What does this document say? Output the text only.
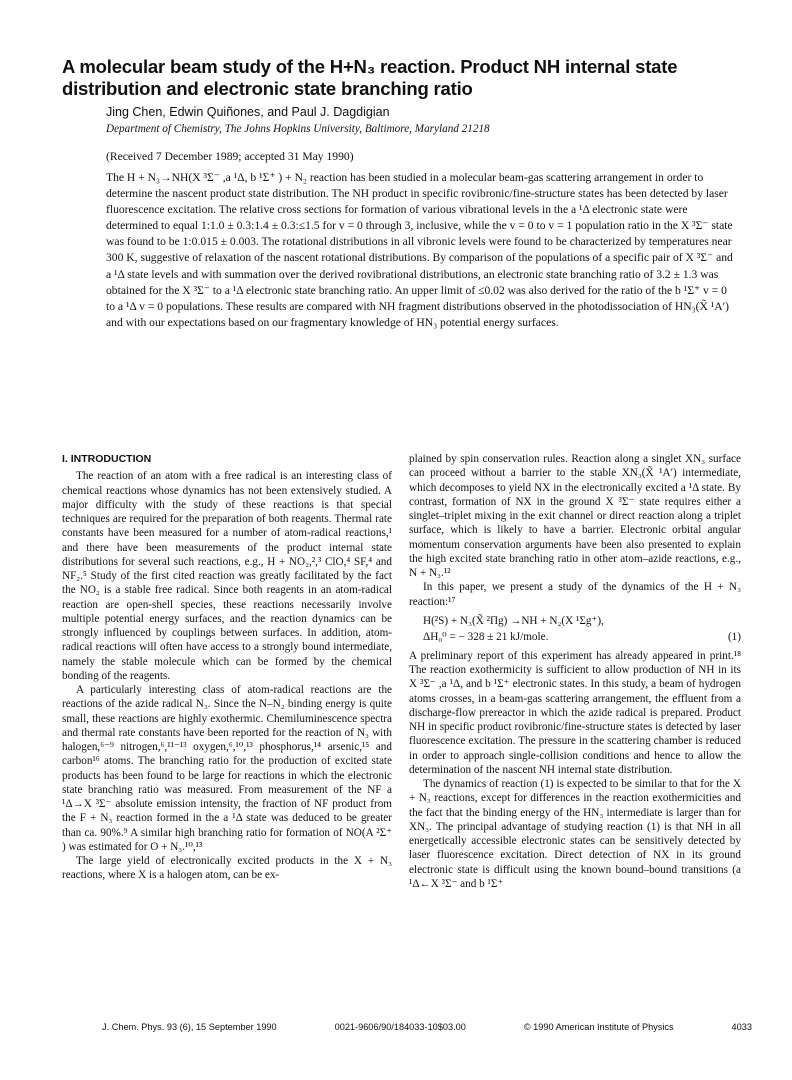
A molecular beam study of the H+N₃ reaction. Product NH internal state distribution and electronic state branching ratio
Jing Chen, Edwin Quiñones, and Paul J. Dagdigian
Department of Chemistry, The Johns Hopkins University, Baltimore, Maryland 21218
(Received 7 December 1989; accepted 31 May 1990)

The H + N₃→NH(X ³Σ⁻ ,a ¹Δ, b ¹Σ⁺ ) + N₂ reaction has been studied in a molecular beam-gas scattering arrangement in order to determine the nascent product state distribution. The NH product in specific rovibronic/fine-structure states has been detected by laser fluorescence excitation. The relative cross sections for formation of various vibrational levels in the a ¹Δ electronic state were determined to equal 1:1.0 ± 0.3:1.4 ± 0.3:≤1.5 for v = 0 through 3, inclusive, while the v = 0 to v = 1 population ratio in the X ³Σ⁻ state was found to be 1:0.015 ± 0.003. The rotational distributions in all vibronic levels were found to be characterized by temperatures near 300 K, suggestive of relaxation of the nascent rotational distributions. By comparison of the populations of a specific pair of X ³Σ⁻ and a ¹Δ state levels and with summation over the derived rovibrational distributions, an electronic state branching ratio of 3.2 ± 1.3 was obtained for the X ³Σ⁻ to a ¹Δ electronic state branching ratio. An upper limit of ≤0.02 was also derived for the ratio of the b ¹Σ⁺ v = 0 to a ¹Δ v = 0 populations. These results are compared with NH fragment distributions observed in the photodissociation of HN₃(X̃ ¹A′) and with our expectations based on our fragmentary knowledge of HN₃ potential energy surfaces.

I. INTRODUCTION

The reaction of an atom with a free radical is an interesting class of chemical reactions whose dynamics has not been extensively studied. A major difficulty with the study of these reactions is that special techniques are required for the preparation of both reagents. Thermal rate constants have been measured for a number of atom-radical reactions,¹ and there have been measurements of the product internal state distributions for several such reactions, e.g., H + NO₂,²,³ ClO,⁴ SF,⁴ and NF₂.⁵ Study of the first cited reaction was greatly facilitated by the fact the NO₂ is a stable free radical. Since both reagents in an atom-radical reaction are open-shell species, these reactions necessarily involve multiple potential energy surfaces, and the reaction dynamics can be strongly influenced by couplings between surfaces. In addition, atom-radical reactions will often have access to a strongly bound intermediate, namely the stable molecule which can be formed by the chemical bonding of the reagents.

A particularly interesting class of atom-radical reactions are the reactions of the azide radical N₃. Since the N–N₂ binding energy is quite small, these reactions are highly exothermic. Chemiluminescence spectra and thermal rate constants have been reported for the reaction of N₃ with halogen,⁶⁻⁹ nitrogen,⁶,¹¹⁻¹³ oxygen,⁶,¹⁰,¹³ phosphorus,¹⁴ arsenic,¹⁵ and carbon¹⁶ atoms. The branching ratio for the production of excited state products has been found to be large for reactions in which the electronic state branching ratio was measured. From measurement of the NF a ¹Δ→X ³Σ⁻ absolute emission intensity, the fraction of NF product from the F + N₃ reaction formed in the a ¹Δ state was deduced to be greater than ca. 90%.⁹ A similar high branching ratio for formation of NO(A ²Σ⁺ ) was estimated for O + N₃.¹⁰,¹³

The large yield of electronically excited products in the X + N₃ reactions, where X is a halogen atom, can be ex-

plained by spin conservation rules. Reaction along a singlet XN₃ surface can proceed without a barrier to the stable XN₃(X̃ ¹A′) intermediate, which decomposes to yield NX in the electronically excited a ¹Δ state. By contrast, formation of NX in the ground X ³Σ⁻ state requires either a singlet–triplet mixing in the exit channel or direct reaction along a triplet surface, which is likely to have a barrier. Electronic orbital angular momentum conservation arguments have been also presented to explain the high excited state branching ratio in other atom–azide reactions, e.g., N + N₃.¹²

In this paper, we present a study of the dynamics of the H + N₃ reaction:¹⁷

H(²S) + N₃(X̃ ²Πg) →NH + N₂(X ¹Σg⁺),
ΔH₀⁰ = − 328 ± 21 kJ/mole.	(1)

A preliminary report of this experiment has already appeared in print.¹⁸ The reaction exothermicity is sufficient to allow production of NH in its X ³Σ⁻ ,a ¹Δ, and b ¹Σ⁺ electronic states. In this study, a beam of hydrogen atoms crosses, in a beam-gas scattering arrangement, the effluent from a discharge-flow prereactor in which the azide radical is prepared. Product NH in specific product rovibronic/fine-structure states is detected by laser fluorescence excitation. The pressure in the scattering chamber is reduced in order to approach single-collision conditions and hence to allow the determination of the nascent NH internal state distribution.

The dynamics of reaction (1) is expected to be similar to that for the X + N₃ reactions, except for differences in the reaction exothermicities and the fact that the binding energy of the HN₃ intermediate is larger than for XN₃. The principal advantage of studying reaction (1) is that NH in all energetically accessible electronic states can be sensitively detected by laser fluorescence excitation. Direct detection of NX in its ground electronic state is difficult using the known bound–bound transitions (a ¹Δ←X ³Σ⁻ and b ¹Σ⁺

J. Chem. Phys. 93 (6), 15 September 1990	0021-9606/90/184033-10$03.00	© 1990 American Institute of Physics	4033
